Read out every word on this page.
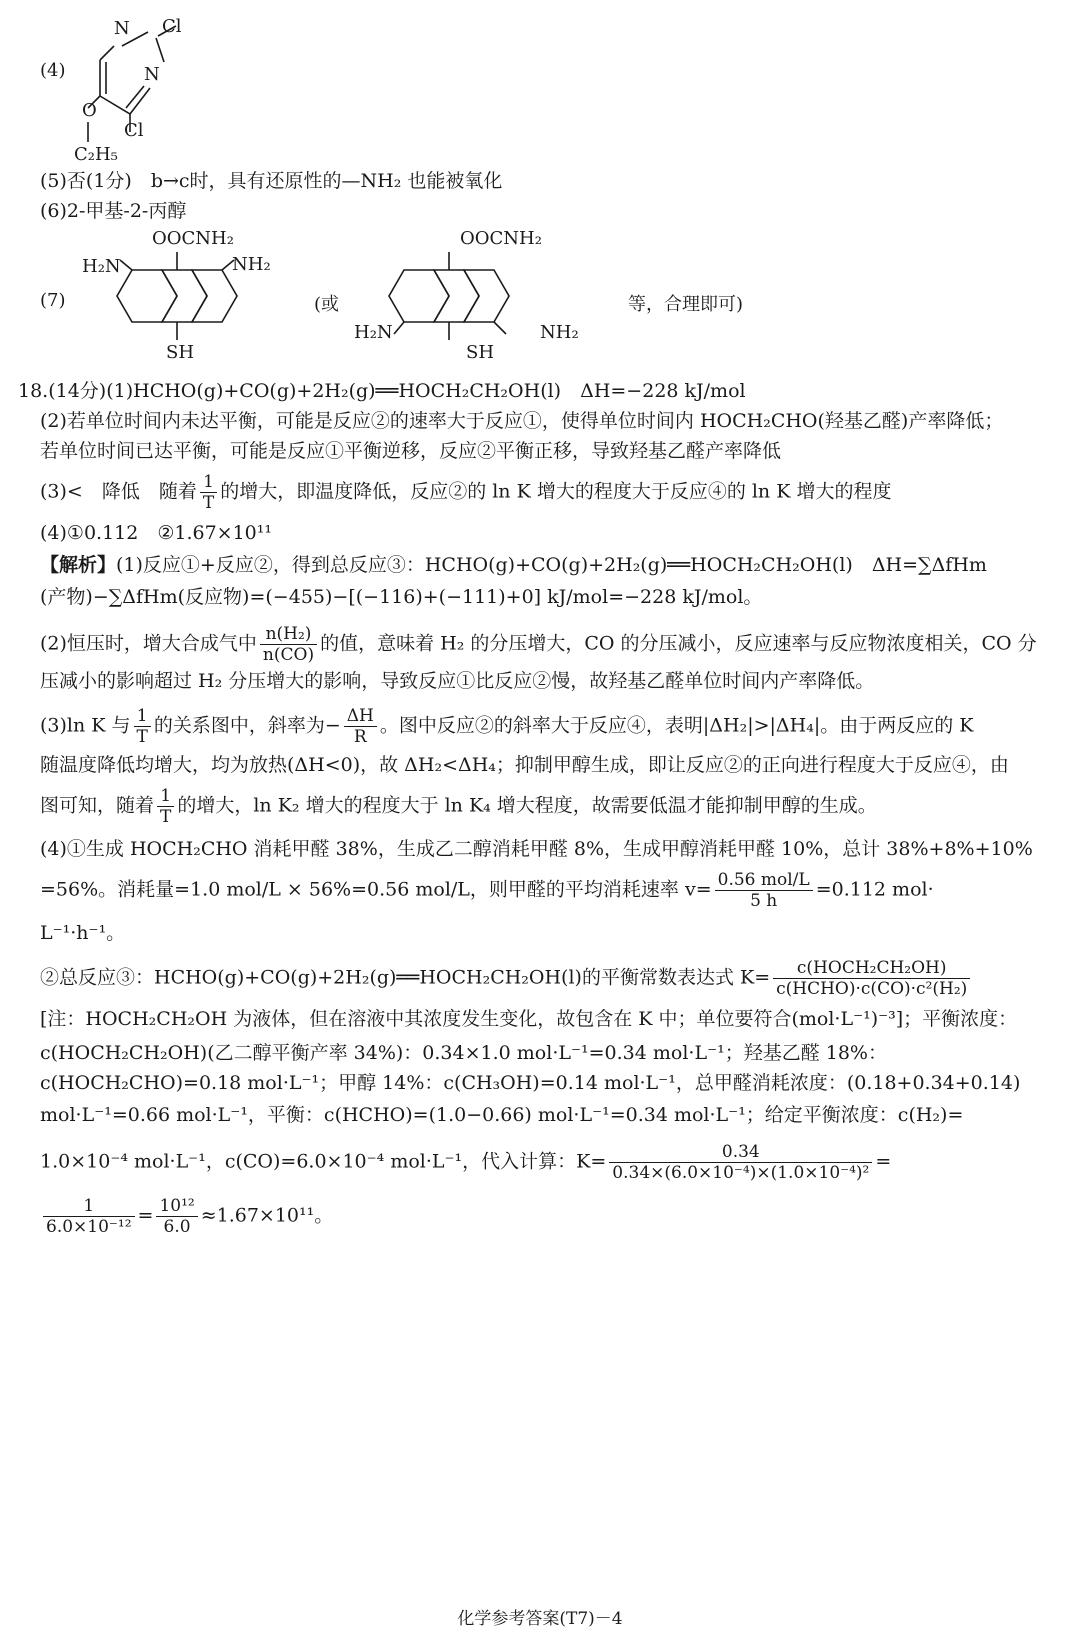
(4)
N Cl
N
O
Cl
C₂H₅
(5)否(1分)　b→c时，具有还原性的—NH₂ 也能被氧化
(6)2-甲基-2-丙醇
(7)
OOCNH₂
H₂N	NH₂
SH
(或
OOCNH₂
H₂N	NH₂
SH
等，合理即可)
18.(14分)(1)HCHO(g)+CO(g)+2H₂(g)══HOCH₂CH₂OH(l)　ΔH=−228 kJ/mol
(2)若单位时间内未达平衡，可能是反应②的速率大于反应①，使得单位时间内 HOCH₂CHO(羟基乙醛)产率降低；
若单位时间已达平衡，可能是反应①平衡逆移，反应②平衡正移，导致羟基乙醛产率降低
(3)<　降低　随着 $\frac{1}{T}$ 的增大，即温度降低，反应②的 ln K 增大的程度大于反应④的 ln K 增大的程度
(4)①0.112　②1.67×10¹¹
【解析】(1)反应①+反应②，得到总反应③：HCHO(g)+CO(g)+2H₂(g)══HOCH₂CH₂OH(l)　ΔH=∑ΔfHm
(产物)−∑ΔfHm(反应物)=(−455)−[(−116)+(−111)+0] kJ/mol=−228 kJ/mol。
(2)恒压时，增大合成气中 $\frac{\text{n(H₂)}}{n(CO)}$ 的值，意味着 H₂ 的分压增大，CO 的分压减小，反应速率与反应物浓度相关，CO 分
压减小的影响超过 H₂ 分压增大的影响，导致反应①比反应②慢，故羟基乙醛单位时间内产率降低。
(3)ln K 与 $\frac{1}{T}$ 的关系图中，斜率为− $\frac{\Delta H}{R}$ 。图中反应②的斜率大于反应④，表明|ΔH₂|>|ΔH₄|。由于两反应的 K
随温度降低均增大，均为放热(ΔH<0)，故 ΔH₂<ΔH₄；抑制甲醇生成，即让反应②的正向进行程度大于反应④，由
图可知，随着 $\frac{1}{T}$ 的增大，ln K₂ 增大的程度大于 ln K₄ 增大程度，故需要低温才能抑制甲醇的生成。
(4)①生成 HOCH₂CHO 消耗甲醛 38%，生成乙二醇消耗甲醛 8%，生成甲醇消耗甲醛 10%，总计 38%+8%+10%
=56%。消耗量=1.0 mol/L × 56%=0.56 mol/L，则甲醛的平均消耗速率 $v= \frac{\text{0.56 mol/L}}{5 h} =0.112$ mol·
L⁻¹·h⁻¹。
②总反应③：HCHO(g)+CO(g)+2H₂(g)══HOCH₂CH₂OH(l)的平衡常数表达式 $K= \frac{\text{c(HOCH₂CH₂OH)}}{\text{c(HCHO)·c(CO)·c²(H₂)}}$
[注：HOCH₂CH₂OH 为液体，但在溶液中其浓度发生变化，故包含在 K 中；单位要符合(mol·L⁻¹)⁻³]；平衡浓度：
c(HOCH₂CH₂OH)(乙二醇平衡产率 34%)：0.34×1.0 mol·L⁻¹=0.34 mol·L⁻¹；羟基乙醛 18%：
c(HOCH₂CHO)=0.18 mol·L⁻¹；甲醇 14%：c(CH₃OH)=0.14 mol·L⁻¹，总甲醛消耗浓度：(0.18+0.34+0.14)
mol·L⁻¹=0.66 mol·L⁻¹，平衡：c(HCHO)=(1.0−0.66) mol·L⁻¹=0.34 mol·L⁻¹；给定平衡浓度：c(H₂)=
1.0×10⁻⁴ mol·L⁻¹，c(CO)=6.0×10⁻⁴ mol·L⁻¹，代入计算：$K= \frac{0.34}{\text{0.34×(6.0×10⁻⁴)×(1.0×10⁻⁴)²}}$ =
$\frac{1}{\text{6.0×10⁻¹²}} = \frac{\text{10¹²}}{6.0} \approx 1.67\times 10^{11}$。
化学参考答案(T7)－4
